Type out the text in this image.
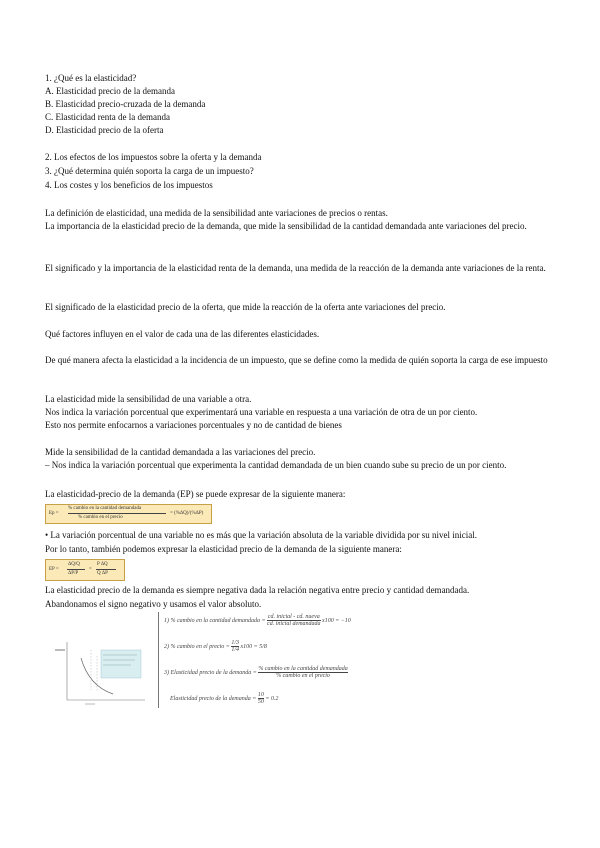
1. ¿Qué es la elasticidad?
A. Elasticidad precio de la demanda
B. Elasticidad precio-cruzada de la demanda
C. Elasticidad renta de la demanda
D. Elasticidad precio de la oferta
2. Los efectos de los impuestos sobre la oferta y la demanda
3. ¿Qué determina quién soporta la carga de un impuesto?
4. Los costes y los beneficios de los impuestos
La definición de elasticidad, una medida de la sensibilidad ante variaciones de precios o rentas.
La importancia de la elasticidad precio de la demanda, que mide la sensibilidad de la cantidad demandada ante variaciones del precio.
El significado y la importancia de la elasticidad renta de la demanda, una medida de la reacción de la demanda ante variaciones de la renta.
El significado de la elasticidad precio de la oferta, que mide la reacción de la oferta ante variaciones del precio.
Qué factores influyen en el valor de cada una de las diferentes elasticidades.
De qué manera afecta la elasticidad a la incidencia de un impuesto, que se define como la medida de quién soporta la carga de ese impuesto
La elasticidad mide la sensibilidad de una variable a otra.
Nos indica la variación porcentual que experimentará una variable en respuesta a una variación de otra de un por ciento.
Esto nos permite enfocarnos a variaciones porcentuales y no de cantidad de bienes
Mide la sensibilidad de la cantidad demandada a las variaciones del precio.
– Nos indica la variación porcentual que experimenta la cantidad demandada de un bien cuando sube su precio de un por ciento.
La elasticidad-precio de la demanda (EP) se puede expresar de la siguiente manera:
Ep =
% cambio en la cantidad demandada
% cambio en el precio
= (%ΔQ)/(%ΔP)
• La variación porcentual de una variable no es más que la variación absoluta de la variable dividida por su nivel inicial.
Por lo tanto, también podemos expresar la elasticidad precio de la demanda de la siguiente manera:
EP =
ΔQ/Q
ΔP/P
=
P ΔQ
Q ΔP
La elasticidad precio de la demanda es siempre negativa dada la relación negativa entre precio y cantidad demandada.
Abandonamos el signo negativo y usamos el valor absoluto.
1) % cambio en la cantidad demandada = $\frac{\text{cd. inicial - cd. nueva}}{\text{cd. inicial demandada}} x100 = -10$
2) % cambio en el precio = $\frac{1/3}{1/4} x100 = 5/8$
3) Elasticidad precio de la demanda = $\frac{\text{\% cambio en la cantidad demandada}}{\text{\% cambio en el precio}}$
Elasticidad precio de la demanda = $\frac{10}{50} = 0.2$
